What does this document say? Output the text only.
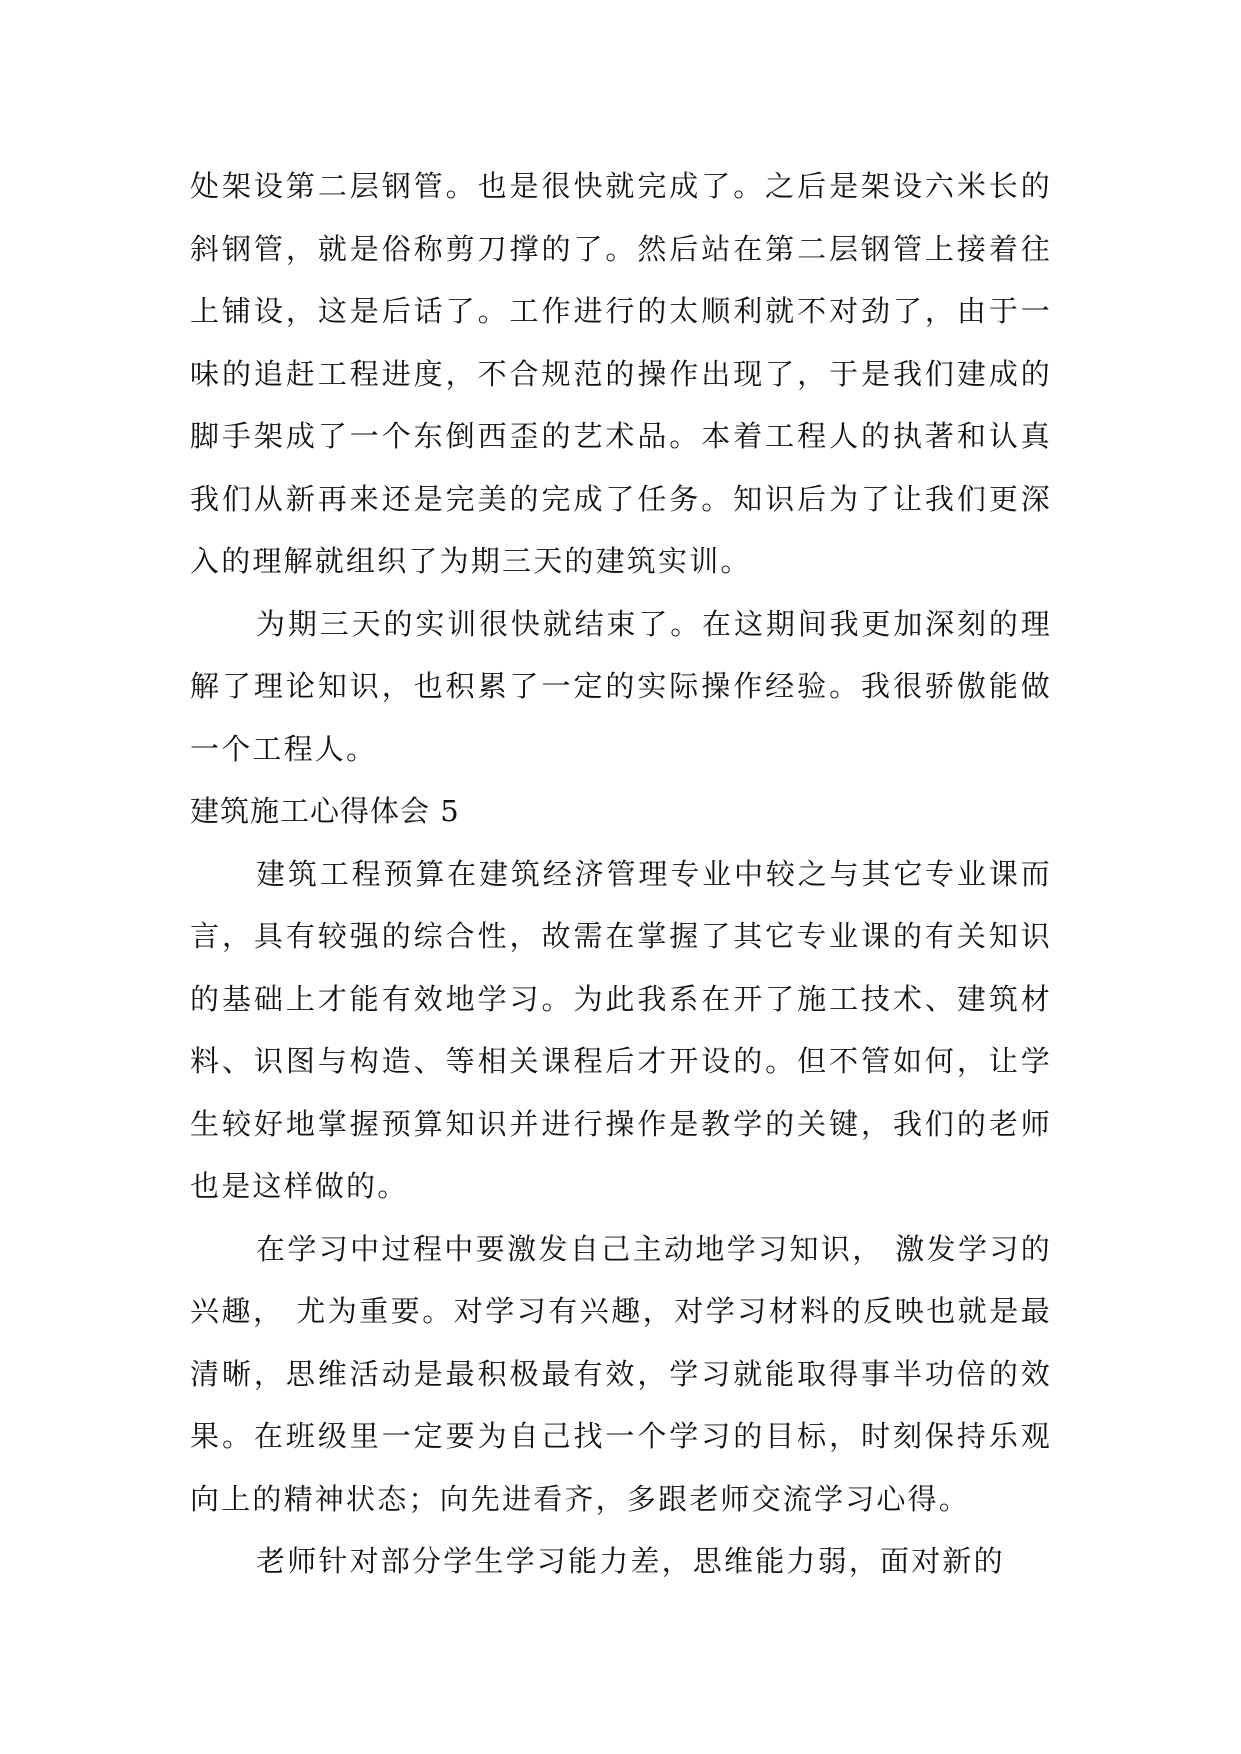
处架设第二层钢管。也是很快就完成了。之后是架设六米长的斜钢管，就是俗称剪刀撑的了。然后站在第二层钢管上接着往上铺设，这是后话了。工作进行的太顺利就不对劲了，由于一味的追赶工程进度，不合规范的操作出现了，于是我们建成的脚手架成了一个东倒西歪的艺术品。本着工程人的执著和认真我们从新再来还是完美的完成了任务。知识后为了让我们更深入的理解就组织了为期三天的建筑实训。

为期三天的实训很快就结束了。在这期间我更加深刻的理解了理论知识，也积累了一定的实际操作经验。我很骄傲能做一个工程人。

建筑施工心得体会 5

建筑工程预算在建筑经济管理专业中较之与其它专业课而言，具有较强的综合性，故需在掌握了其它专业课的有关知识的基础上才能有效地学习。为此我系在开了施工技术、建筑材料、识图与构造、等相关课程后才开设的。但不管如何，让学生较好地掌握预算知识并进行操作是教学的关键，我们的老师也是这样做的。

在学习中过程中要激发自己主动地学习知识， 激发学习的兴趣， 尤为重要。对学习有兴趣，对学习材料的反映也就是最清晰，思维活动是最积极最有效，学习就能取得事半功倍的效果。在班级里一定要为自己找一个学习的目标，时刻保持乐观向上的精神状态；向先进看齐，多跟老师交流学习心得。

老师针对部分学生学习能力差，思维能力弱，面对新的
